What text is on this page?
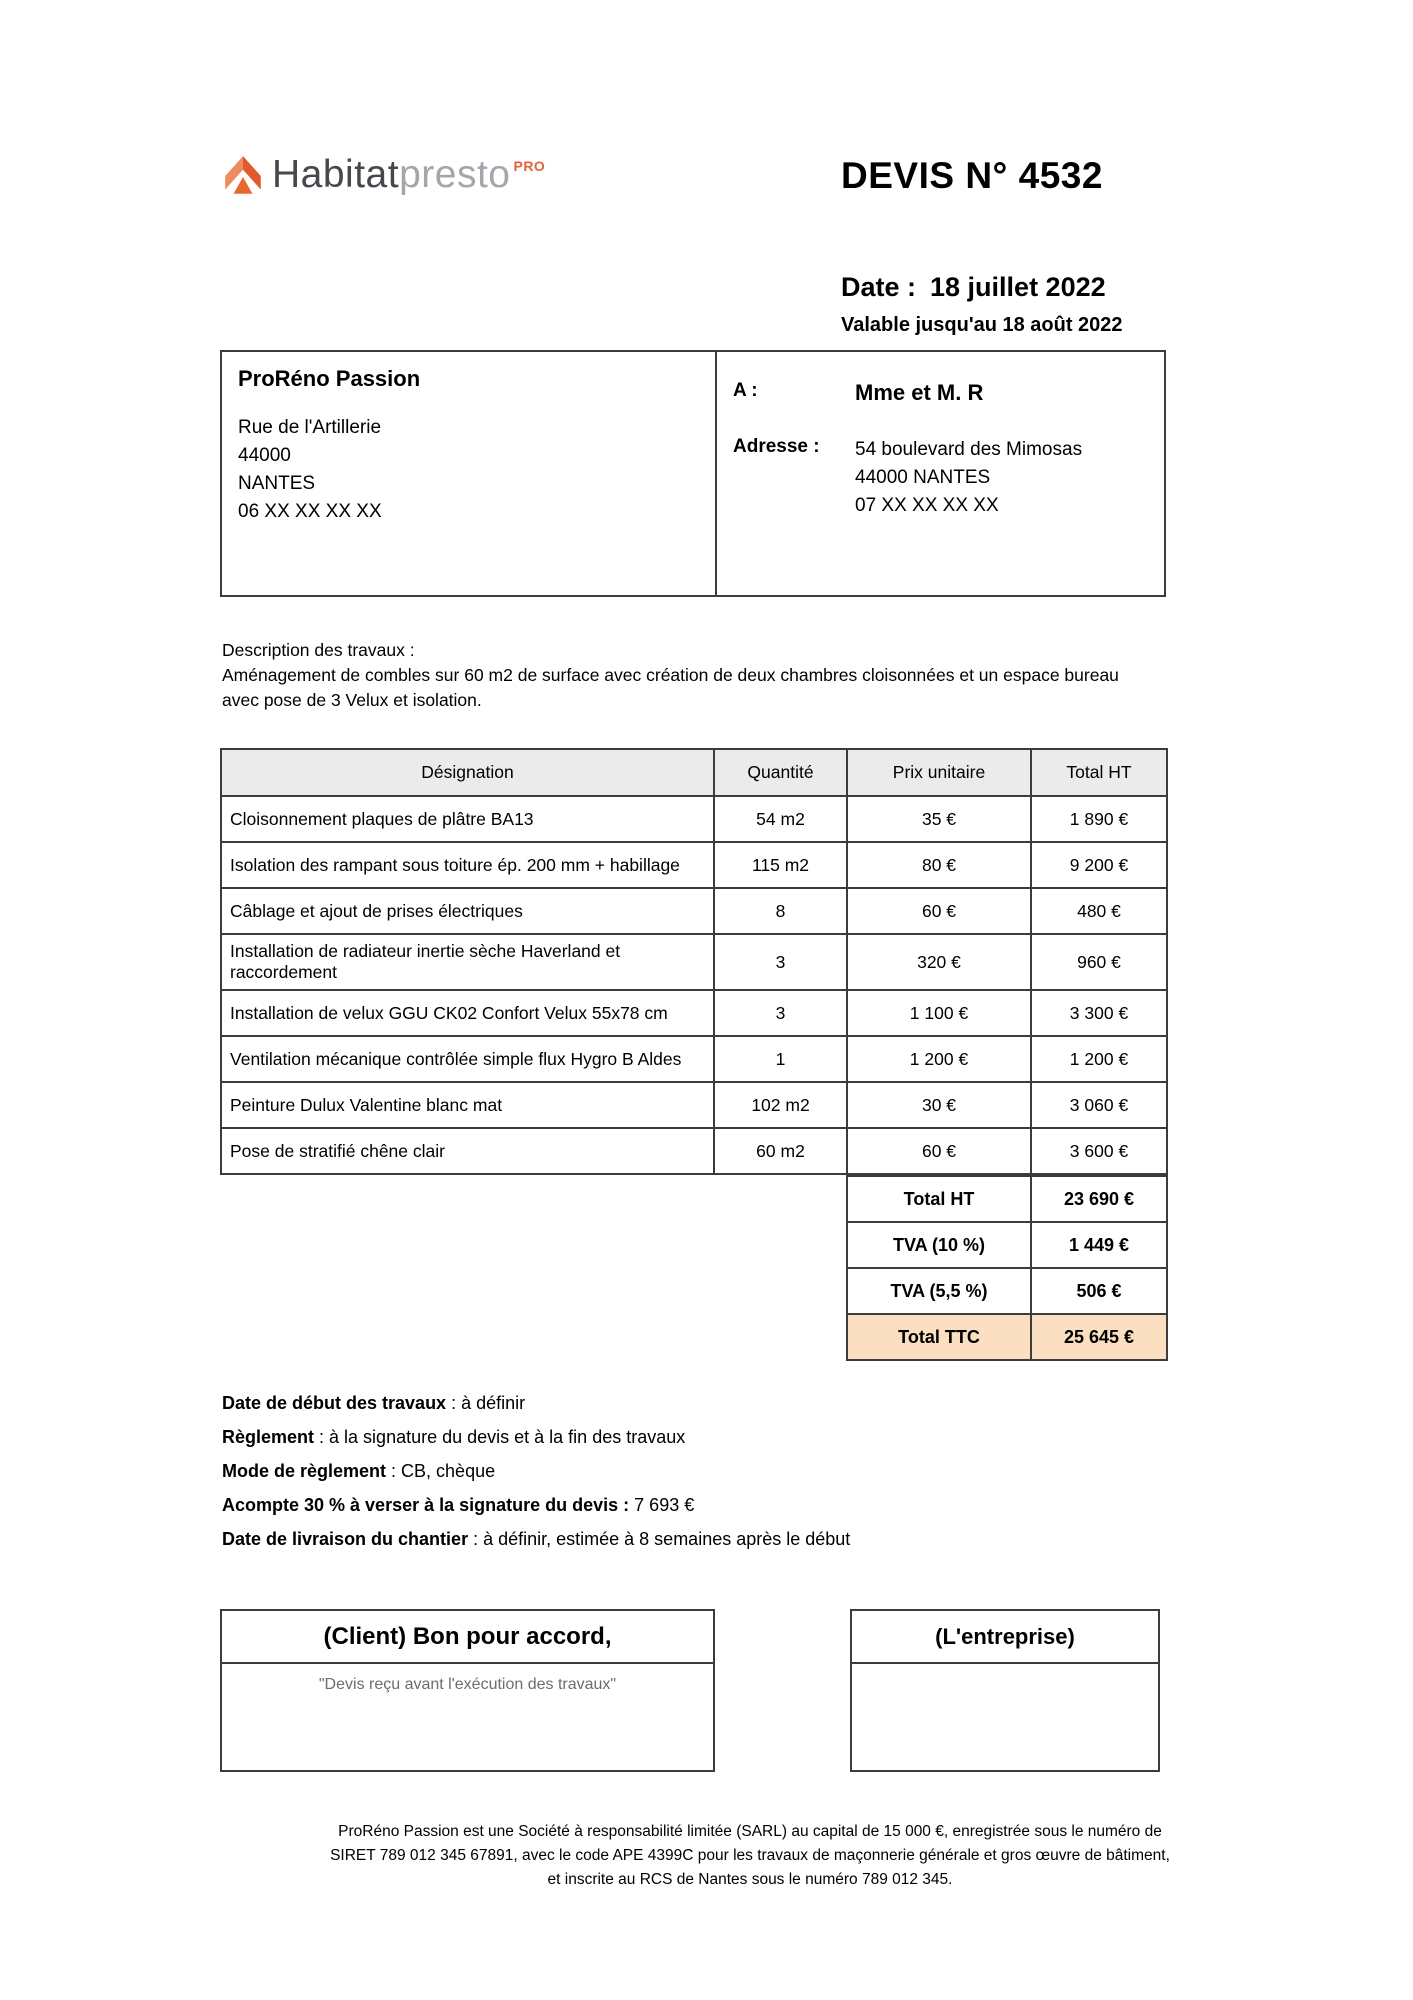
Habitatpresto PRO	DEVIS N° 4532
Date : 18 juillet 2022
Valable jusqu'au 18 août 2022
ProRéno Passion
Rue de l'Artillerie
44000
NANTES
06 XX XX XX XX
A :	Mme et M. R
Adresse :	54 boulevard des Mimosas
44000 NANTES
07 XX XX XX XX
Description des travaux :
Aménagement de combles sur 60 m2 de surface avec création de deux chambres cloisonnées et un espace bureau avec pose de 3 Velux et isolation.
Désignation	Quantité	Prix unitaire	Total HT
Cloisonnement plaques de plâtre BA13	54 m2	35 €	1 890 €
Isolation des rampant sous toiture ép. 200 mm + habillage	115 m2	80 €	9 200 €
Câblage et ajout de prises électriques	8	60 €	480 €
Installation de radiateur inertie sèche Haverland et raccordement	3	320 €	960 €
Installation de velux GGU CK02 Confort Velux 55x78 cm	3	1 100 €	3 300 €
Ventilation mécanique contrôlée simple flux Hygro B Aldes	1	1 200 €	1 200 €
Peinture Dulux Valentine blanc mat	102 m2	30 €	3 060 €
Pose de stratifié chêne clair	60 m2	60 €	3 600 €
Total HT	23 690 €
TVA (10 %)	1 449 €
TVA (5,5 %)	506 €
Total TTC	25 645 €
Date de début des travaux : à définir
Règlement : à la signature du devis et à la fin des travaux
Mode de règlement : CB, chèque
Acompte 30 % à verser à la signature du devis : 7 693 €
Date de livraison du chantier : à définir, estimée à 8 semaines après le début
(Client) Bon pour accord,
"Devis reçu avant l'exécution des travaux"
(L'entreprise)
ProRéno Passion est une Société à responsabilité limitée (SARL) au capital de 15 000 €, enregistrée sous le numéro de
SIRET 789 012 345 67891, avec le code APE 4399C pour les travaux de maçonnerie générale et gros œuvre de bâtiment,
et inscrite au RCS de Nantes sous le numéro 789 012 345.
